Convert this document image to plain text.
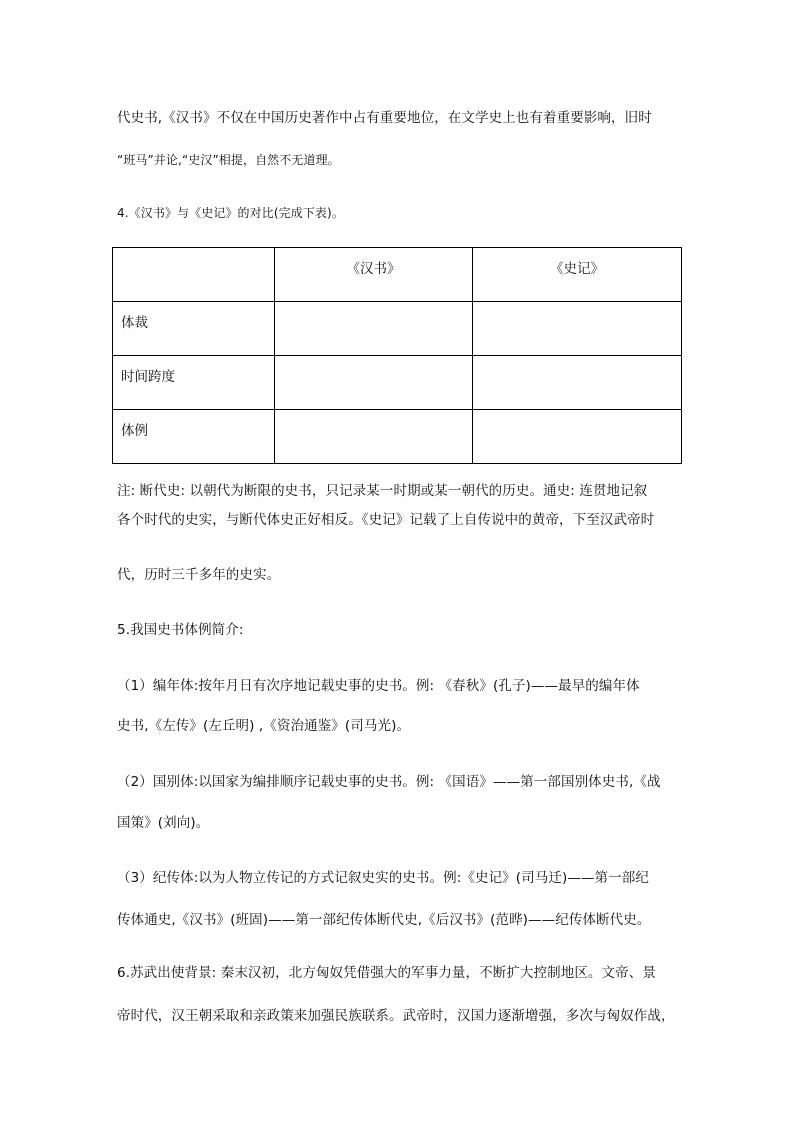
代史书,《汉书》不仅在中国历史著作中占有重要地位，在文学史上也有着重要影响，旧时
“班马”并论,“史汉”相提，自然不无道理。
4.《汉书》与《史记》的对比(完成下表)。
	《汉书》	《史记》
体裁		
时间跨度		
体例		
注: 断代史: 以朝代为断限的史书，只记录某一时期或某一朝代的历史。通史: 连贯地记叙
各个时代的史实，与断代体史正好相反。《史记》记载了上自传说中的黄帝，下至汉武帝时
代，历时三千多年的史实。
5.我国史书体例简介:
（1）编年体:按年月日有次序地记载史事的史书。例: 《春秋》(孔子)——最早的编年体
史书,《左传》(左丘明) ,《资治通鉴》(司马光)。
（2）国别体:以国家为编排顺序记载史事的史书。例: 《国语》——第一部国别体史书,《战
国策》(刘向)。
（3）纪传体:以为人物立传记的方式记叙史实的史书。例:《史记》(司马迁)——第一部纪
传体通史,《汉书》(班固)——第一部纪传体断代史,《后汉书》(范晔)——纪传体断代史。
6.苏武出使背景: 秦末汉初，北方匈奴凭借强大的军事力量，不断扩大控制地区。文帝、景
帝时代，汉王朝采取和亲政策来加强民族联系。武帝时，汉国力逐渐增强，多次与匈奴作战，
